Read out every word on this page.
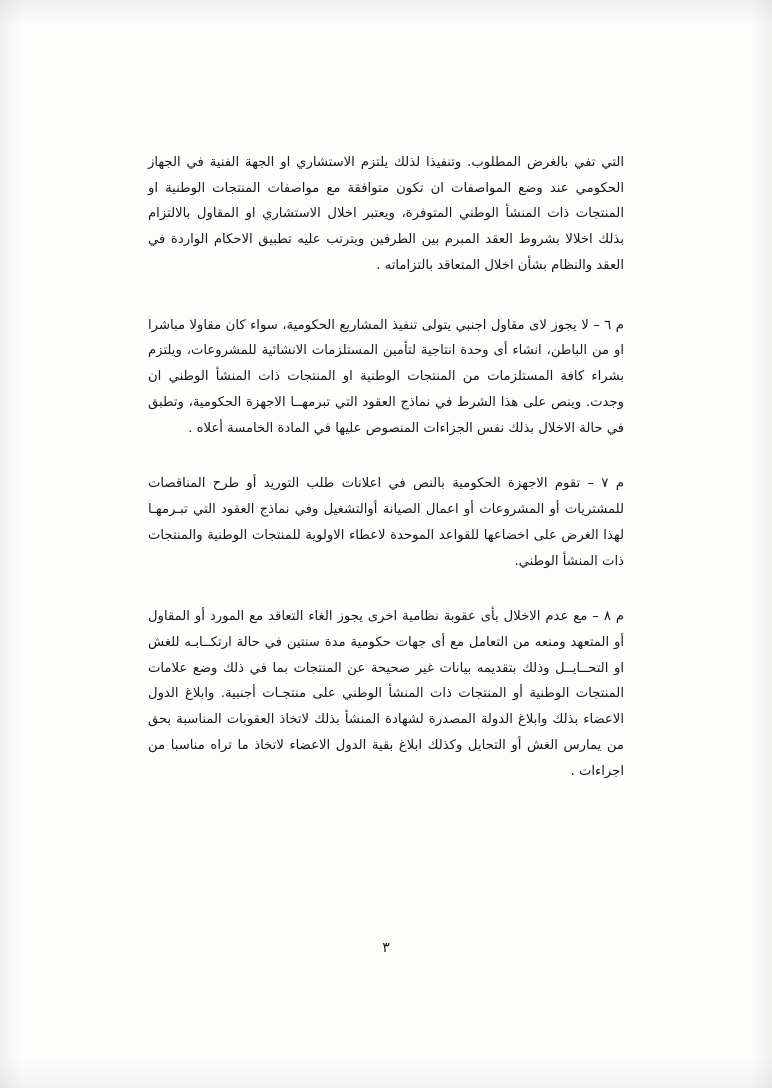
التي تفي بالغرض المطلوب. وتنفيذا لذلك يلتزم الاستشاري او الجهة الفنية في الجهاز الحكومي عند وضع المواصفات ان تكون متوافقة مع مواصفات المنتجات الوطنية او المنتجات ذات المنشأ الوطني المتوفرة، ويعتبر اخلال الاستشاري او المقاول بالالتزام بذلك اخلالا بشروط العقد المبرم بين الطرفين ويترتب عليه تطبيق الاحكام الواردة في العقد والنظام بشأن اخلال المتعاقد بالتزاماته .

م ٦ – لا يجوز لاى مقاول اجنبي يتولى تنفيذ المشاريع الحكومية، سواء كان مقاولا مباشرا او من الباطن، انشاء أى وحدة انتاجية لتأمين المستلزمات الانشائية للمشروعات، ويلتزم بشراء كافة المستلزمات من المنتجات الوطنية او المنتجات ذات المنشأ الوطني ان وجدت. وينص على هذا الشرط في نماذج العقود التي تبرمهــا الاجهزة الحكومية، وتطبق في حالة الاخلال بذلك نفس الجزاءات المنصوص عليها في المادة الخامسة أعلاه .

م ٧ – تقوم الاجهزة الحكومية بالنص في اعلانات طلب التوريد أو طرح المناقصات للمشتريات أو المشروعات أو اعمال الصيانة أوالتشغيل وفي نماذج العقود التي تبـرمهـا لهذا الغرض على اخضاعها للقواعد الموحدة لاعطاء الاولوية للمنتجات الوطنية والمنتجات ذات المنشأ الوطني.

م ٨ – مع عدم الاخلال بأى عقوبة نظامية اخرى يجوز الغاء التعاقد مع المورد أو المقاول أو المتعهد ومنعه من التعامل مع أى جهات حكومية مدة سنتين في حالة ارتكــابـه للغش او التحــايــل وذلك بتقديمه بيانات غير صحيحة عن المنتجات بما في ذلك وضع علامات المنتجات الوطنية أو المنتجات ذات المنشأ الوطني على منتجـات أجنبية. وابلاغ الدول الاعضاء بذلك وابلاغ الدولة المصدرة لشهادة المنشأ بذلك لاتخاذ العقوبات المناسبة بحق من يمارس الغش أو التحايل وكذلك ابلاغ بقية الدول الاعضاء لاتخاذ ما تراه مناسبا من اجراءات .

٣
